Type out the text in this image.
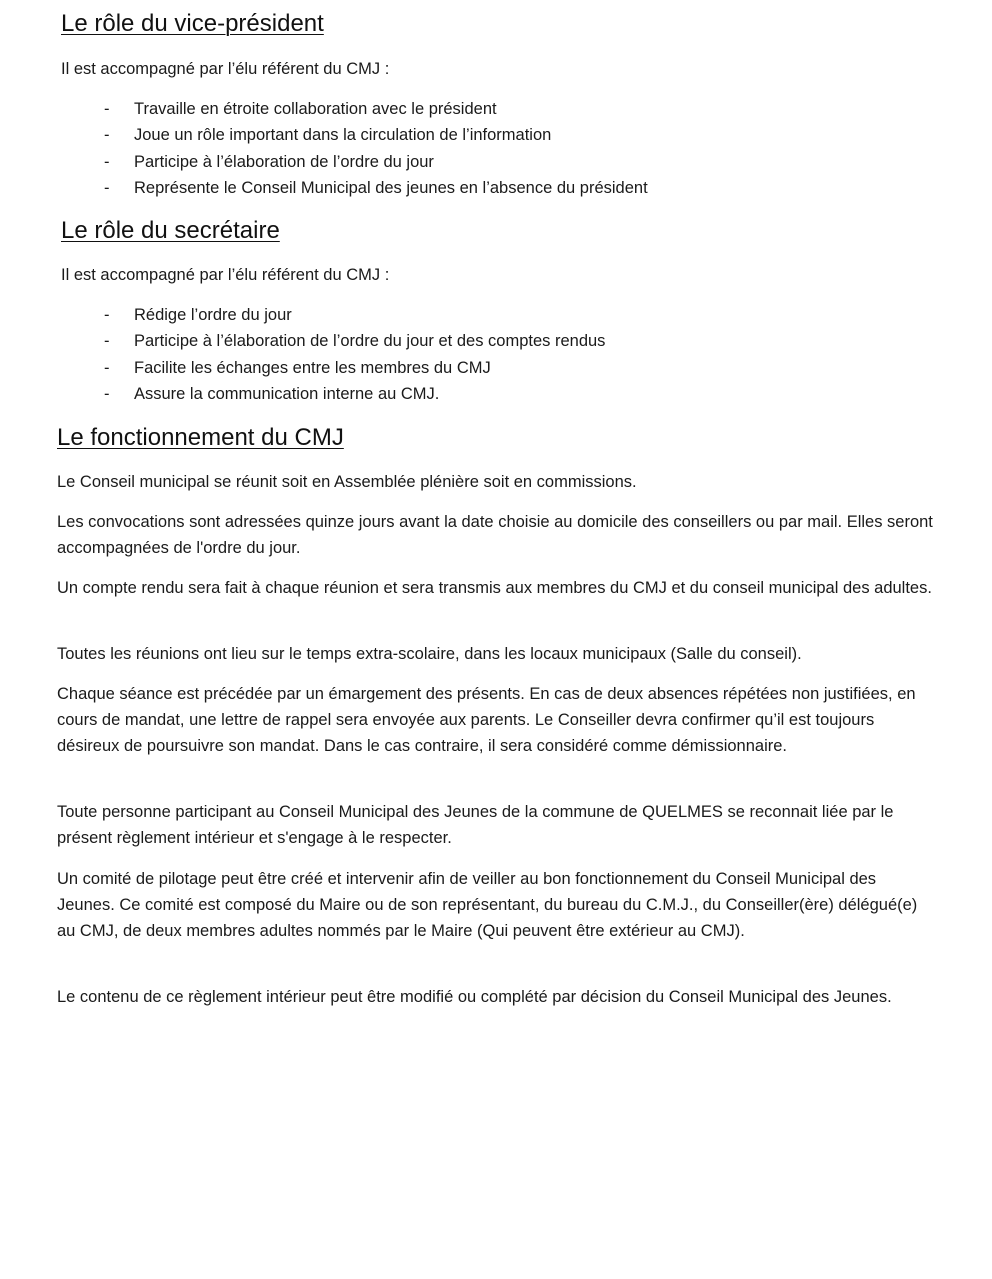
Le rôle du vice-président

Il est accompagné par l’élu référent du CMJ :

- Travaille en étroite collaboration avec le président
- Joue un rôle important dans la circulation de l’information
- Participe à l’élaboration de l’ordre du jour
- Représente le Conseil Municipal des jeunes en l’absence du président
Le rôle du secrétaire

Il est accompagné par l’élu référent du CMJ :

- Rédige l’ordre du jour
- Participe à l’élaboration de l’ordre du jour et des comptes rendus
- Facilite les échanges entre les membres du CMJ
- Assure la communication interne au CMJ.
Le fonctionnement du CMJ

Le Conseil municipal se réunit soit en Assemblée plénière soit en commissions.

Les convocations sont adressées quinze jours avant la date choisie au domicile des conseillers ou par mail. Elles seront accompagnées de l'ordre du jour.

Un compte rendu sera fait à chaque réunion et sera transmis aux membres du CMJ et du conseil municipal des adultes.

Toutes les réunions ont lieu sur le temps extra-scolaire, dans les locaux municipaux (Salle du conseil).

Chaque séance est précédée par un émargement des présents. En cas de deux absences répétées non justifiées, en cours de mandat, une lettre de rappel sera envoyée aux parents. Le Conseiller devra confirmer qu’il est toujours désireux de poursuivre son mandat. Dans le cas contraire, il sera considéré comme démissionnaire.

Toute personne participant au Conseil Municipal des Jeunes de la commune de QUELMES se reconnait liée par le présent règlement intérieur et s'engage à le respecter.

Un comité de pilotage peut être créé et intervenir afin de veiller au bon fonctionnement du Conseil Municipal des Jeunes. Ce comité est composé du Maire ou de son représentant, du bureau du C.M.J., du Conseiller(ère) délégué(e) au CMJ, de deux membres adultes nommés par le Maire (Qui peuvent être extérieur au CMJ).

Le contenu de ce règlement intérieur peut être modifié ou complété par décision du Conseil Municipal des Jeunes.
